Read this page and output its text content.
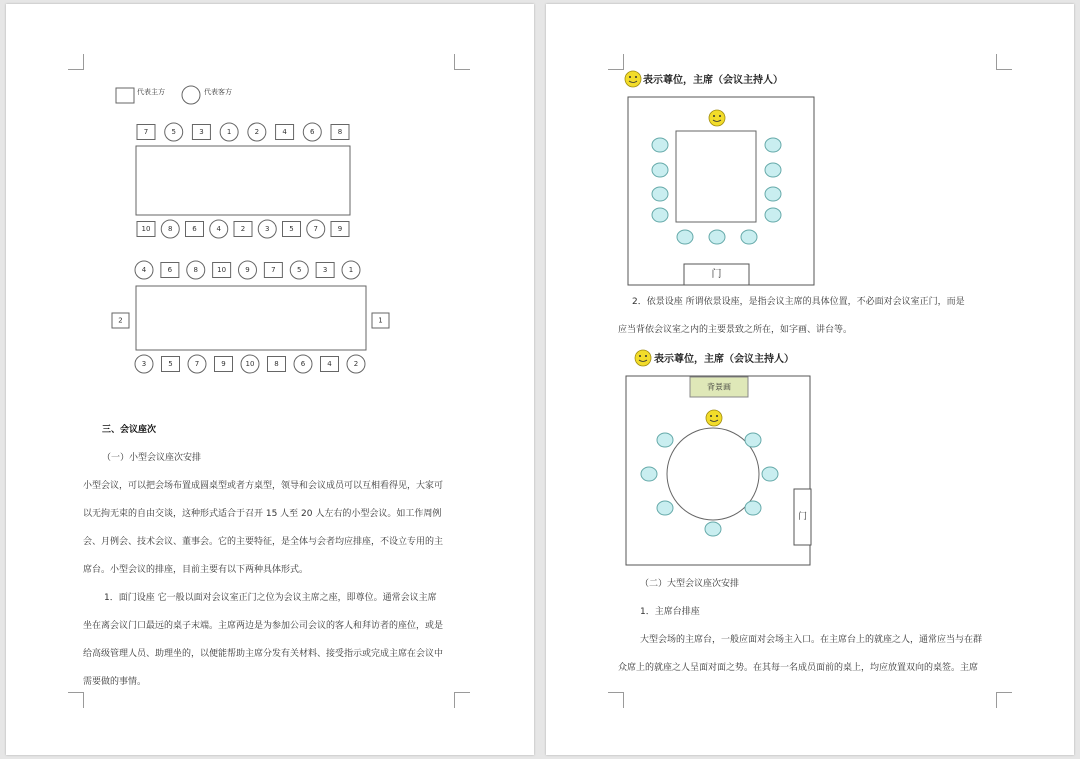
代表主方	代表客方
7	5	3	1	2	4	6	8
10	8	6	4	2	3	5	7	9
4	6	8	10	9	7	5	3	1
2	1
3	5	7	9	10	8	6	4	2
三、会议座次
（一）小型会议座次安排
小型会议，可以把会场布置成圆桌型或者方桌型，领导和会议成员可以互相看得见，大家可
以无拘无束的自由交谈，这种形式适合于召开 15 人至 20 人左右的小型会议。如工作周例
会、月例会、技术会议、董事会。它的主要特征，是全体与会者均应排座，不设立专用的主
席台。小型会议的排座，目前主要有以下两种具体形式。
1．面门设座 它一般以面对会议室正门之位为会议主席之座，即尊位。通常会议主席
坐在离会议门口最远的桌子末端。主席两边是为参加公司会议的客人和拜访者的座位，或是
给高级管理人员、助理坐的，以便能帮助主席分发有关材料、接受指示或完成主席在会议中
需要做的事情。
表示尊位，主席（会议主持人）
门
表示尊位，主席（会议主持人）
背景画
门
2．依景设座 所谓依景设座，是指会议主席的具体位置，不必面对会议室正门，而是
应当背依会议室之内的主要景致之所在，如字画、讲台等。
（二）大型会议座次安排
1．主席台排座
大型会场的主席台，一般应面对会场主入口。在主席台上的就座之人，通常应当与在群
众席上的就座之人呈面对面之势。在其每一名成员面前的桌上，均应放置双向的桌签。主席
